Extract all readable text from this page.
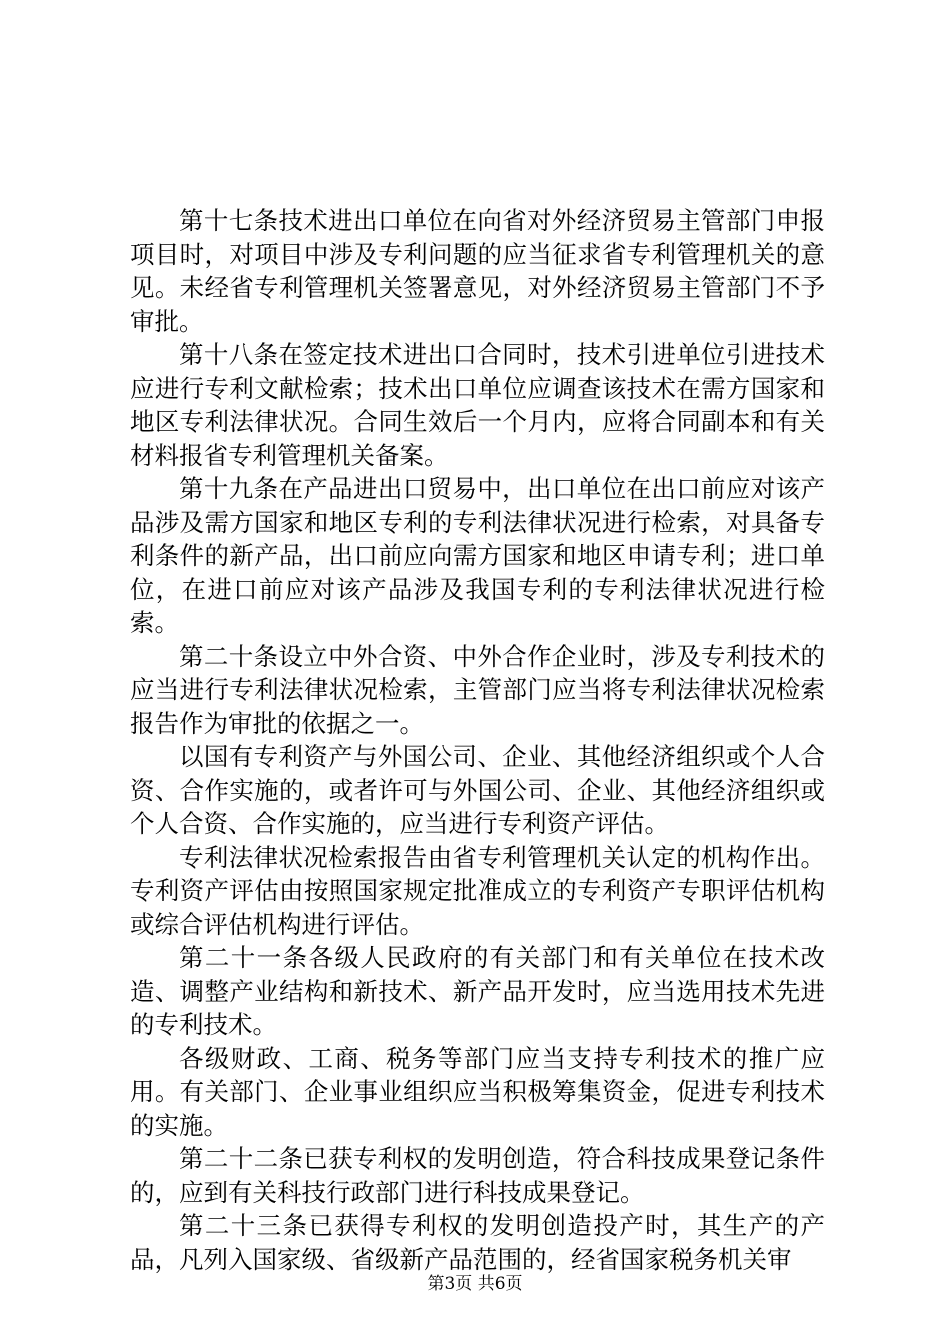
第十七条技术进出口单位在向省对外经济贸易主管部门申报项目时，对项目中涉及专利问题的应当征求省专利管理机关的意见。未经省专利管理机关签署意见，对外经济贸易主管部门不予审批。

第十八条在签定技术进出口合同时，技术引进单位引进技术应进行专利文献检索；技术出口单位应调查该技术在需方国家和地区专利法律状况。合同生效后一个月内，应将合同副本和有关材料报省专利管理机关备案。

第十九条在产品进出口贸易中，出口单位在出口前应对该产品涉及需方国家和地区专利的专利法律状况进行检索，对具备专利条件的新产品，出口前应向需方国家和地区申请专利；进口单位，在进口前应对该产品涉及我国专利的专利法律状况进行检索。

第二十条设立中外合资、中外合作企业时，涉及专利技术的应当进行专利法律状况检索，主管部门应当将专利法律状况检索报告作为审批的依据之一。

以国有专利资产与外国公司、企业、其他经济组织或个人合资、合作实施的，或者许可与外国公司、企业、其他经济组织或个人合资、合作实施的，应当进行专利资产评估。

专利法律状况检索报告由省专利管理机关认定的机构作出。专利资产评估由按照国家规定批准成立的专利资产专职评估机构或综合评估机构进行评估。

第二十一条各级人民政府的有关部门和有关单位在技术改造、调整产业结构和新技术、新产品开发时，应当选用技术先进的专利技术。

各级财政、工商、税务等部门应当支持专利技术的推广应用。有关部门、企业事业组织应当积极筹集资金，促进专利技术的实施。

第二十二条已获专利权的发明创造，符合科技成果登记条件的，应到有关科技行政部门进行科技成果登记。

第二十三条已获得专利权的发明创造投产时，其生产的产品，凡列入国家级、省级新产品范围的，经省国家税务机关审

第3页 共6页
